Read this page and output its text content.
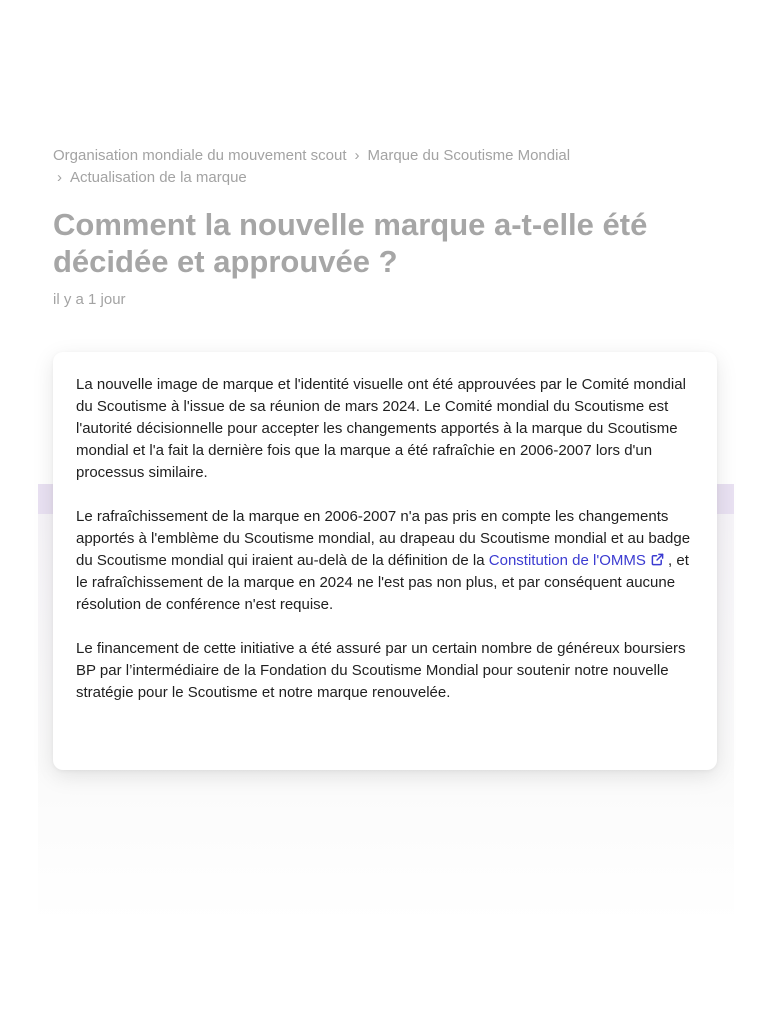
Organisation mondiale du mouvement scout › Marque du Scoutisme Mondial
› Actualisation de la marque
Comment la nouvelle marque a-t-elle été décidée et approuvée ?
il y a 1 jour

La nouvelle image de marque et l'identité visuelle ont été approuvées par le Comité mondial du Scoutisme à l'issue de sa réunion de mars 2024. Le Comité mondial du Scoutisme est l'autorité décisionnelle pour accepter les changements apportés à la marque du Scoutisme mondial et l'a fait la dernière fois que la marque a été rafraîchie en 2006-2007 lors d'un processus similaire.

Le rafraîchissement de la marque en 2006-2007 n'a pas pris en compte les changements apportés à l'emblème du Scoutisme mondial, au drapeau du Scoutisme mondial et au badge du Scoutisme mondial qui iraient au-delà de la définition de la Constitution de l'OMMS , et le rafraîchissement de la marque en 2024 ne l'est pas non plus, et par conséquent aucune résolution de conférence n'est requise.

Le financement de cette initiative a été assuré par un certain nombre de généreux boursiers BP par l’intermédiaire de la Fondation du Scoutisme Mondial pour soutenir notre nouvelle stratégie pour le Scoutisme et notre marque renouvelée.
